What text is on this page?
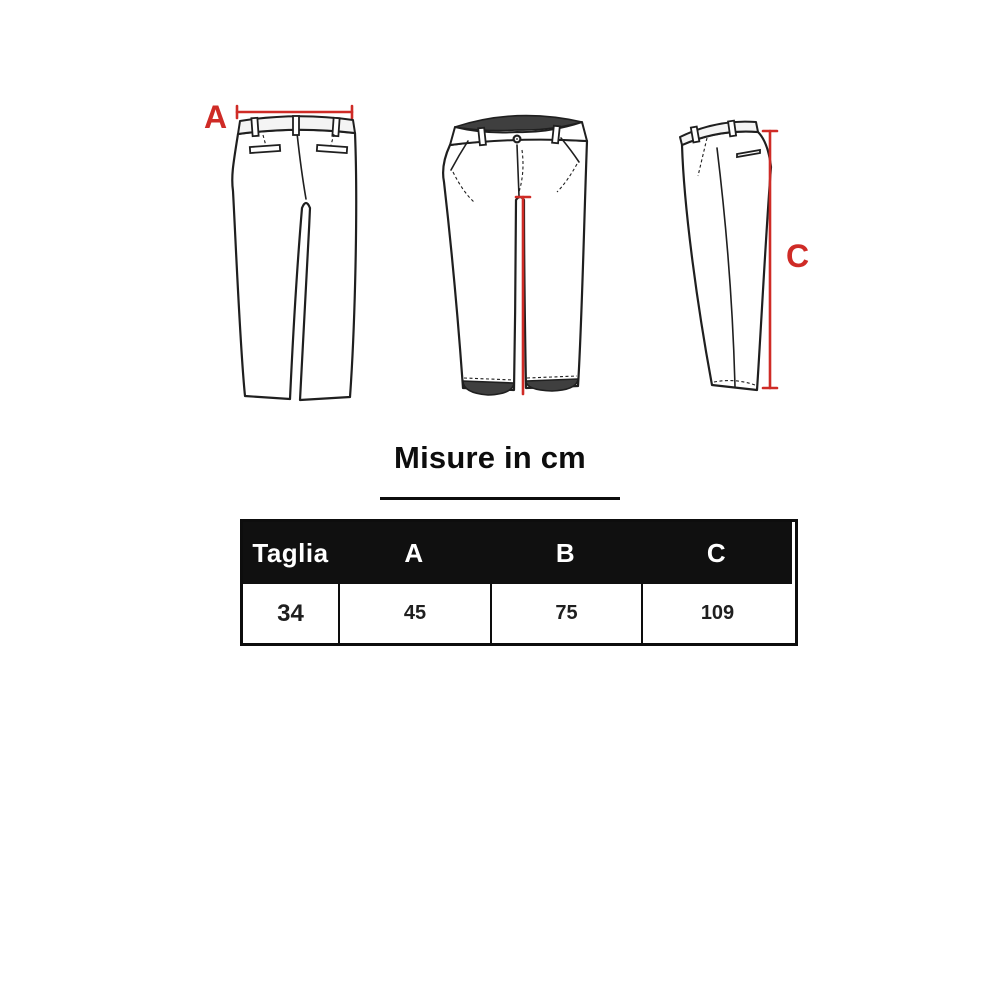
A
C
Misure in cm
Taglia	A	B	C
34	45	75	109
